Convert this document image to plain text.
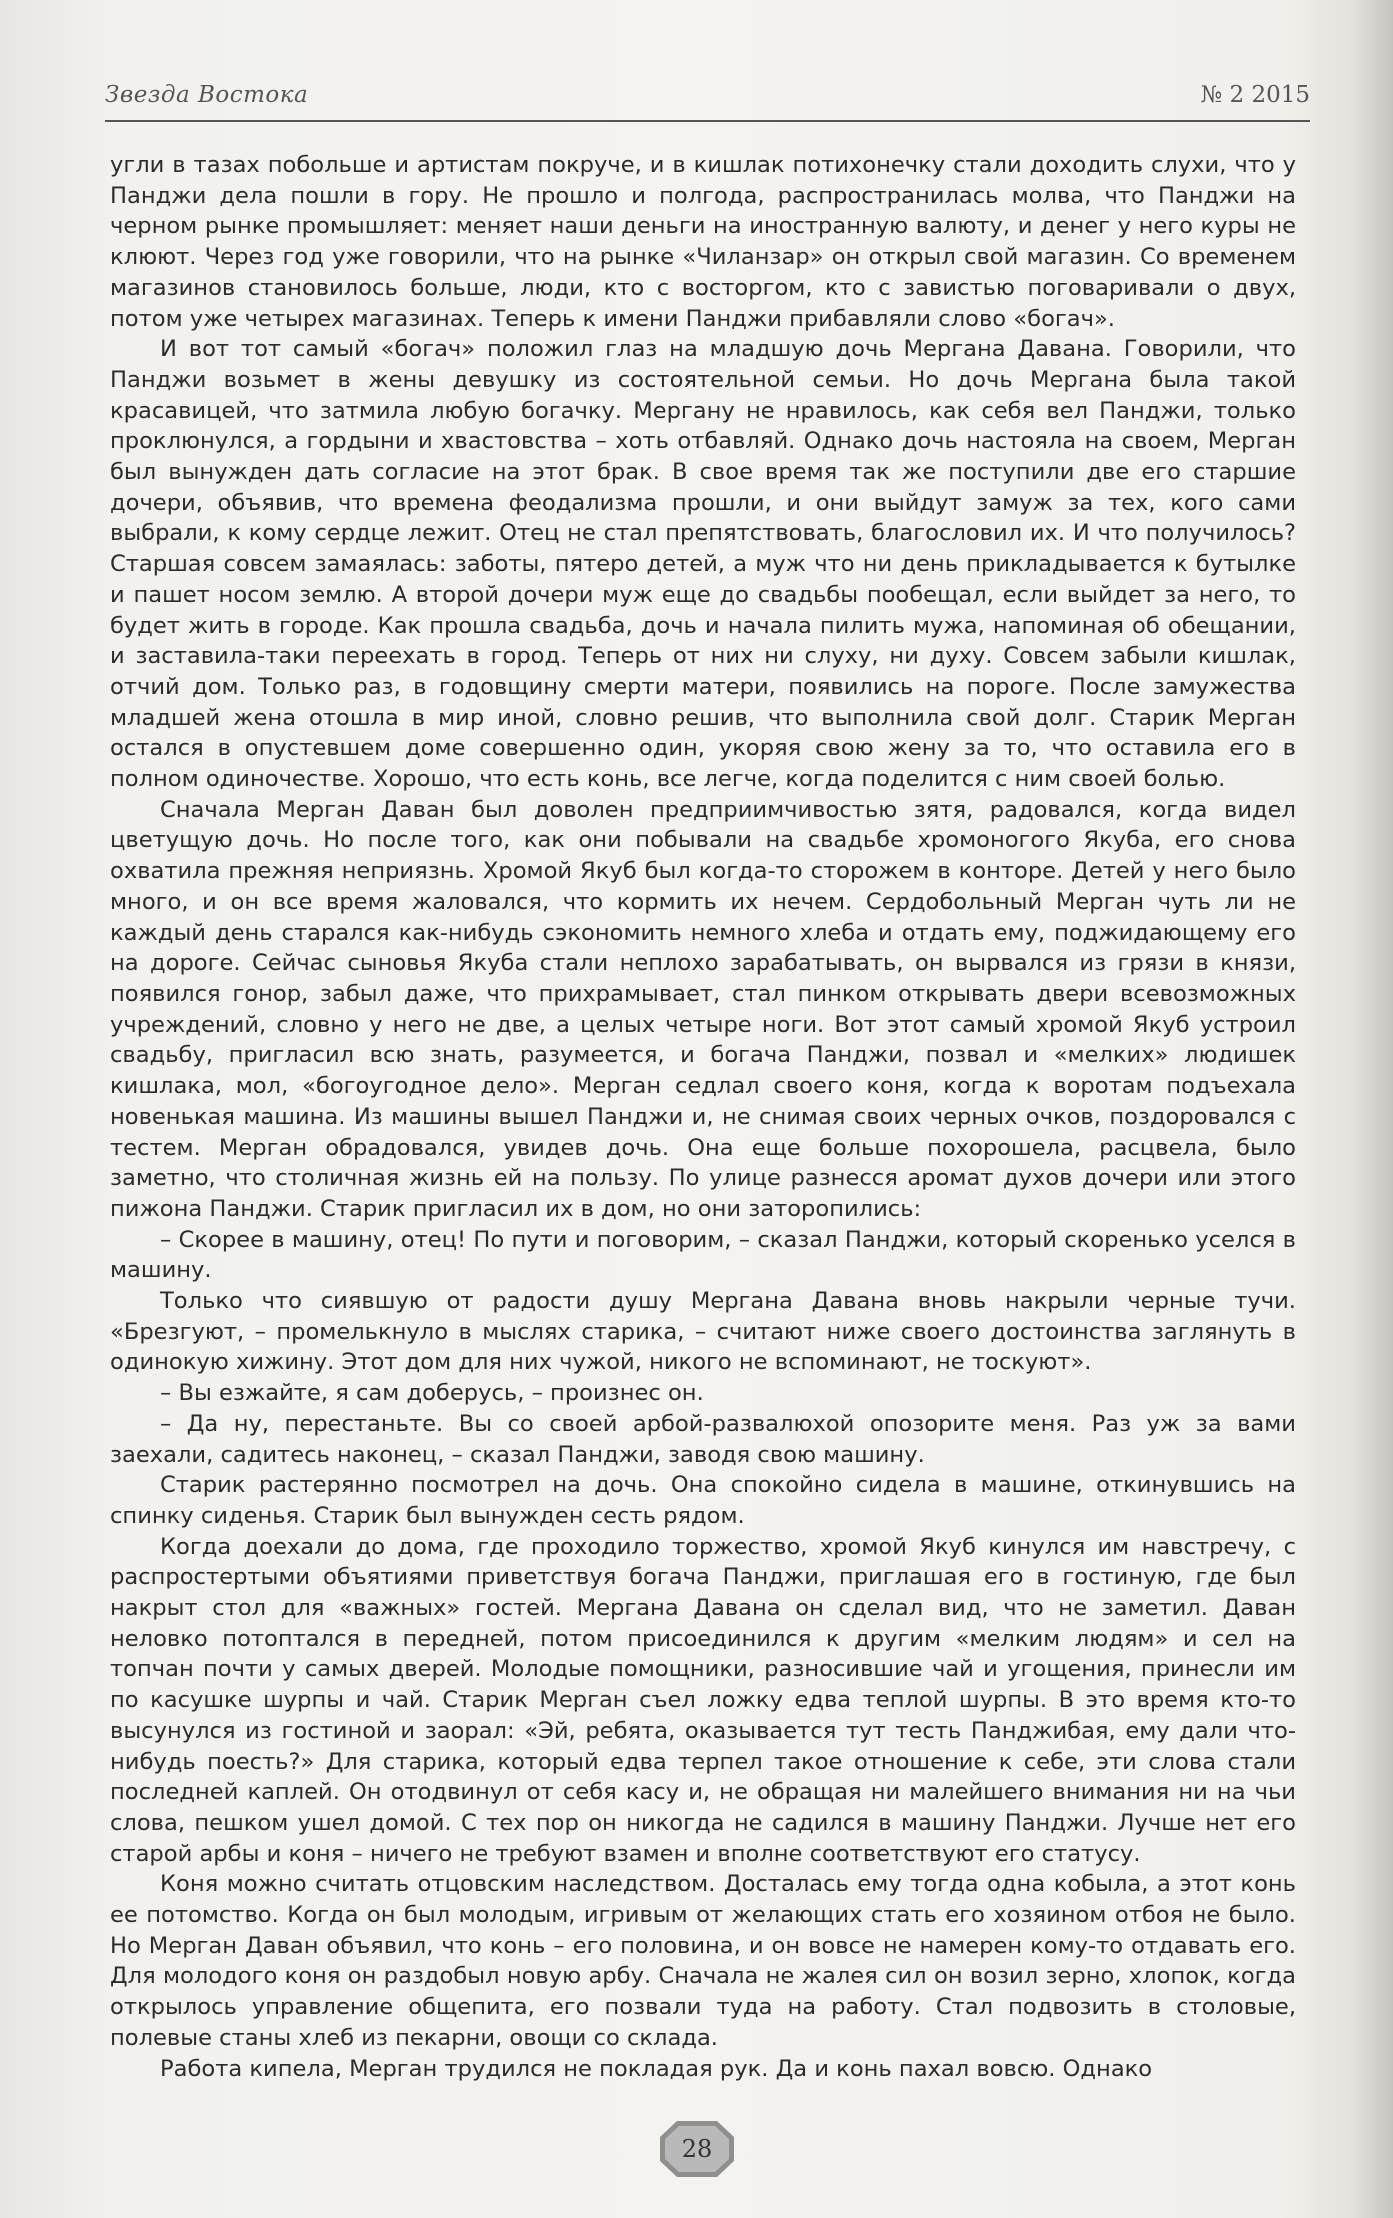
Звезда Востока	№ 2 2015

угли в тазах побольше и артистам покруче, и в кишлак потихонечку стали доходить слухи, что у Панджи дела пошли в гору. Не прошло и полгода, распространилась молва, что Панджи на черном рынке промышляет: меняет наши деньги на иностранную валюту, и денег у него куры не клюют. Через год уже говорили, что на рынке «Чиланзар» он открыл свой магазин. Со временем магазинов становилось больше, люди, кто с восторгом, кто с завистью поговаривали о двух, потом уже четырех магазинах. Теперь к имени Панджи прибавляли слово «богач».

И вот тот самый «богач» положил глаз на младшую дочь Мергана Давана. Говорили, что Панджи возьмет в жены девушку из состоятельной семьи. Но дочь Мергана была такой красавицей, что затмила любую богачку. Мергану не нравилось, как себя вел Панджи, только проклюнулся, а гордыни и хвастовства – хоть отбавляй. Однако дочь настояла на своем, Мерган был вынужден дать согласие на этот брак. В свое время так же поступили две его старшие дочери, объявив, что времена феодализма прошли, и они выйдут замуж за тех, кого сами выбрали, к кому сердце лежит. Отец не стал препятствовать, благословил их. И что получилось? Старшая совсем замаялась: заботы, пятеро детей, а муж что ни день прикладывается к бутылке и пашет носом землю. А второй дочери муж еще до свадьбы пообещал, если выйдет за него, то будет жить в городе. Как прошла свадьба, дочь и начала пилить мужа, напоминая об обещании, и заставила-таки переехать в город. Теперь от них ни слуху, ни духу. Совсем забыли кишлак, отчий дом. Только раз, в годовщину смерти матери, появились на пороге. После замужества младшей жена отошла в мир иной, словно решив, что выполнила свой долг. Старик Мерган остался в опустевшем доме совершенно один, укоряя свою жену за то, что оставила его в полном одиночестве. Хорошо, что есть конь, все легче, когда поделится с ним своей болью.

Сначала Мерган Даван был доволен предприимчивостью зятя, радовался, когда видел цветущую дочь. Но после того, как они побывали на свадьбе хромоногого Якуба, его снова охватила прежняя неприязнь. Хромой Якуб был когда-то сторожем в конторе. Детей у него было много, и он все время жаловался, что кормить их нечем. Сердобольный Мерган чуть ли не каждый день старался как-нибудь сэкономить немного хлеба и отдать ему, поджидающему его на дороге. Сейчас сыновья Якуба стали неплохо зарабатывать, он вырвался из грязи в князи, появился гонор, забыл даже, что прихрамывает, стал пинком открывать двери всевозможных учреждений, словно у него не две, а целых четыре ноги. Вот этот самый хромой Якуб устроил свадьбу, пригласил всю знать, разумеется, и богача Панджи, позвал и «мелких» людишек кишлака, мол, «богоугодное дело». Мерган седлал своего коня, когда к воротам подъехала новенькая машина. Из машины вышел Панджи и, не снимая своих черных очков, поздоровался с тестем. Мерган обрадовался, увидев дочь. Она еще больше похорошела, расцвела, было заметно, что столичная жизнь ей на пользу. По улице разнесся аромат духов дочери или этого пижона Панджи. Старик пригласил их в дом, но они заторопились:

– Скорее в машину, отец! По пути и поговорим, – сказал Панджи, который скоренько уселся в машину.

Только что сиявшую от радости душу Мергана Давана вновь накрыли черные тучи. «Брезгуют, – промелькнуло в мыслях старика, – считают ниже своего достоинства заглянуть в одинокую хижину. Этот дом для них чужой, никого не вспоминают, не тоскуют».

– Вы езжайте, я сам доберусь, – произнес он.

– Да ну, перестаньте. Вы со своей арбой-развалюхой опозорите меня. Раз уж за вами заехали, садитесь наконец, – сказал Панджи, заводя свою машину.

Старик растерянно посмотрел на дочь. Она спокойно сидела в машине, откинувшись на спинку сиденья. Старик был вынужден сесть рядом.

Когда доехали до дома, где проходило торжество, хромой Якуб кинулся им навстречу, с распростертыми объятиями приветствуя богача Панджи, приглашая его в гостиную, где был накрыт стол для «важных» гостей. Мергана Давана он сделал вид, что не заметил. Даван неловко потоптался в передней, потом присоединился к другим «мелким людям» и сел на топчан почти у самых дверей. Молодые помощники, разносившие чай и угощения, принесли им по касушке шурпы и чай. Старик Мерган съел ложку едва теплой шурпы. В это время кто-то высунулся из гостиной и заорал: «Эй, ребята, оказывается тут тесть Панджибая, ему дали что-нибудь поесть?» Для старика, который едва терпел такое отношение к себе, эти слова стали последней каплей. Он отодвинул от себя касу и, не обращая ни малейшего внимания ни на чьи слова, пешком ушел домой. С тех пор он никогда не садился в машину Панджи. Лучше нет его старой арбы и коня – ничего не требуют взамен и вполне соответствуют его статусу.

Коня можно считать отцовским наследством. Досталась ему тогда одна кобыла, а этот конь ее потомство. Когда он был молодым, игривым от желающих стать его хозяином отбоя не было. Но Мерган Даван объявил, что конь – его половина, и он вовсе не намерен кому-то отдавать его. Для молодого коня он раздобыл новую арбу. Сначала не жалея сил он возил зерно, хлопок, когда открылось управление общепита, его позвали туда на работу. Стал подвозить в столовые, полевые станы хлеб из пекарни, овощи со склада.

Работа кипела, Мерган трудился не покладая рук. Да и конь пахал вовсю. Однако

28
